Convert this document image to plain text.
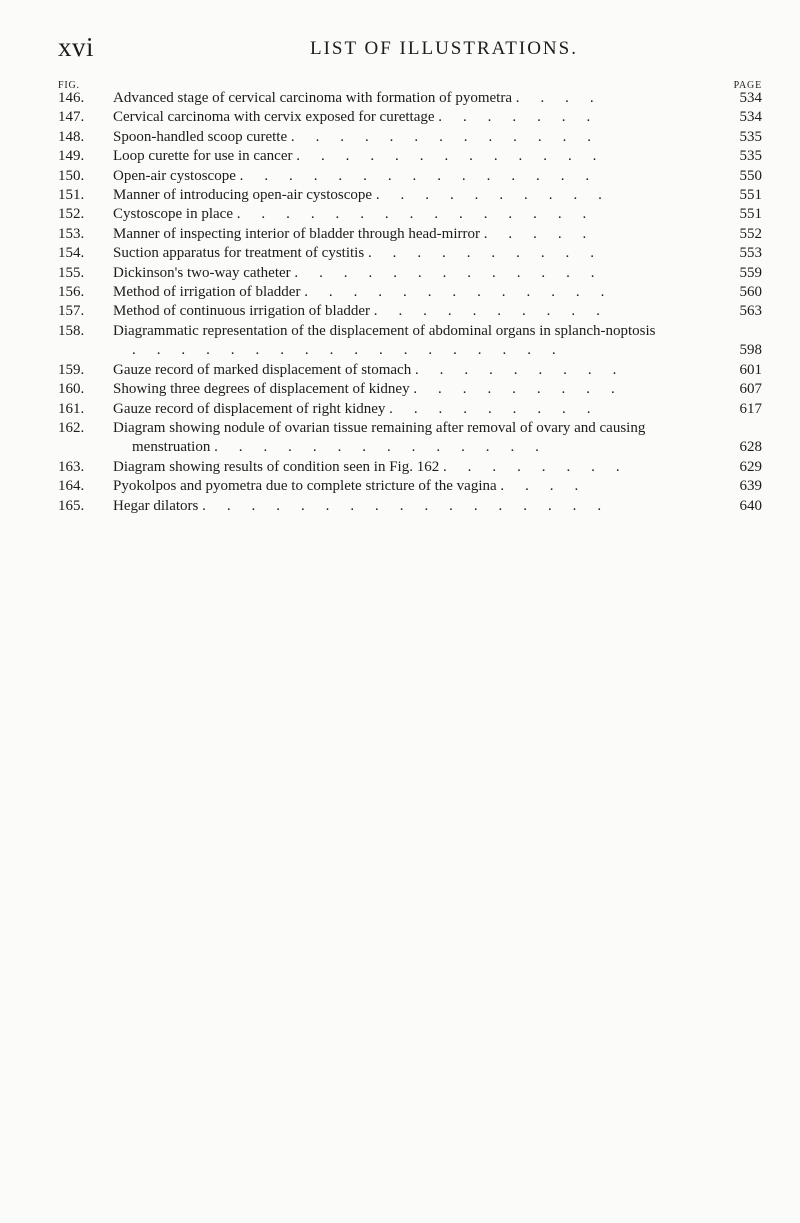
xvi	LIST OF ILLUSTRATIONS.
FIG.	PAGE
146.	Advanced stage of cervical carcinoma with formation of pyometra . . . .	534
147.	Cervical carcinoma with cervix exposed for curettage . . . . . . .	534
148.	Spoon-handled scoop curette . . . . . . . . . . . . .	535
149.	Loop curette for use in cancer . . . . . . . . . . . . .	535
150.	Open-air cystoscope . . . . . . . . . . . . . . .	550
151.	Manner of introducing open-air cystoscope . . . . . . . . . .	551
152.	Cystoscope in place . . . . . . . . . . . . . . .	551
153.	Manner of inspecting interior of bladder through head-mirror . . . . .	552
154.	Suction apparatus for treatment of cystitis . . . . . . . . . .	553
155.	Dickinson's two-way catheter . . . . . . . . . . . . .	559
156.	Method of irrigation of bladder . . . . . . . . . . . . .	560
157.	Method of continuous irrigation of bladder . . . . . . . . . .	563
158.	Diagrammatic representation of the displacement of abdominal organs in splanch-noptosis . . . . . . . . . . . . . . . . . .	598
159.	Gauze record of marked displacement of stomach . . . . . . . . .	601
160.	Showing three degrees of displacement of kidney . . . . . . . . .	607
161.	Gauze record of displacement of right kidney . . . . . . . . .	617
162.	Diagram showing nodule of ovarian tissue remaining after removal of ovary and causing menstruation . . . . . . . . . . . . . .	628
163.	Diagram showing results of condition seen in Fig. 162 . . . . . . . .	629
164.	Pyokolpos and pyometra due to complete stricture of the vagina . . . .	639
165.	Hegar dilators . . . . . . . . . . . . . . . . .	640
